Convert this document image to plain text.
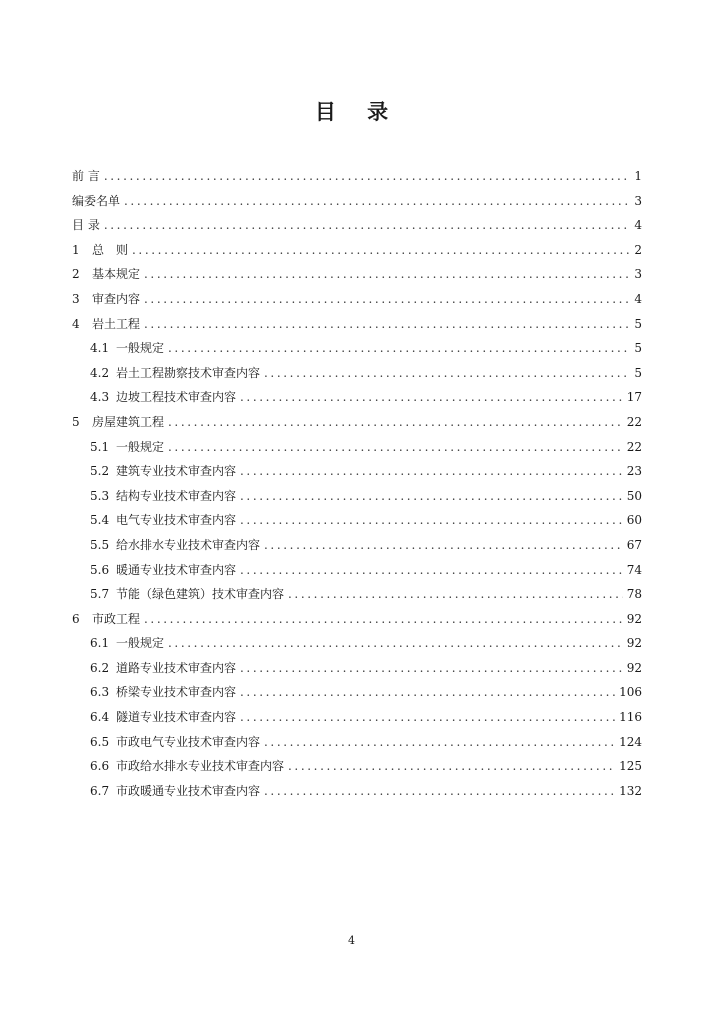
目 录
前 言 .....	1
编委名单 .....	3
目 录 .....	4
1	总　则 .....	2
2	基本规定 .....	3
3	审查内容 .....	4
4	岩土工程 .....	5
4.1 一般规定 .....	5
4.2 岩土工程勘察技术审查内容 .....	5
4.3 边坡工程技术审查内容 .....	17
5	房屋建筑工程 .....	22
5.1 一般规定 .....	22
5.2 建筑专业技术审查内容 .....	23
5.3 结构专业技术审查内容 .....	50
5.4 电气专业技术审查内容 .....	60
5.5 给水排水专业技术审查内容 .....	67
5.6 暖通专业技术审查内容 .....	74
5.7 节能（绿色建筑）技术审查内容 .....	78
6	市政工程 .....	92
6.1 一般规定 .....	92
6.2 道路专业技术审查内容 .....	92
6.3 桥梁专业技术审查内容 .....	106
6.4 隧道专业技术审查内容 .....	116
6.5 市政电气专业技术审查内容 .....	124
6.6 市政给水排水专业技术审查内容 .....	125
6.7 市政暖通专业技术审查内容 .....	132
4
